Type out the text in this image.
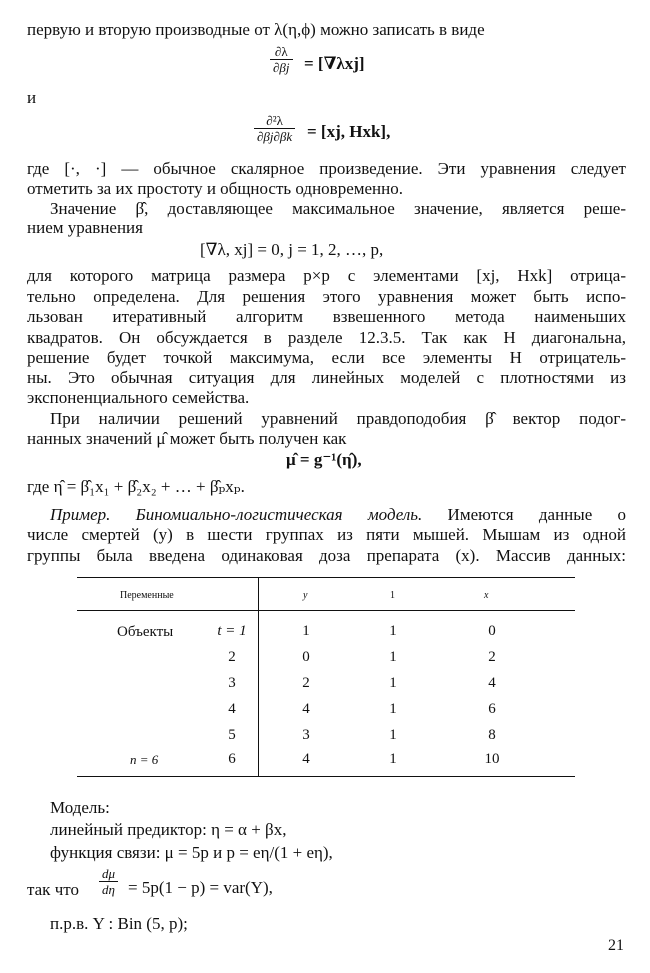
первую и вторую производные от λ(η,ϕ) можно записать в виде
$\frac{\partial\lambda}{\partial\beta j} = [\nabla\lambda xj]$
и
$\frac{\text{∂²λ}}{\partial\beta j\partial\beta k} = [xj$, Hxk],
где [·, ·] — обычное скалярное произведение. Эти уравнения следует
отметить за их простоту и общность одновременно.
Значение β̂, доставляющее максимальное значение, является реше-
нием уравнения
[∇λ, xj] = 0, j = 1, 2, …, p,
для которого матрица размера p×p с элементами [xj, Hxk] отрица-
тельно определена. Для решения этого уравнения может быть испо-
льзован итеративный алгоритм взвешенного метода наименьших
квадратов. Он обсуждается в разделе 12.3.5. Так как H диагональна,
решение будет точкой максимума, если все элементы H отрицатель-
ны. Это обычная ситуация для линейных моделей с плотностями из
экспоненциального семейства.
При наличии решений уравнений правдоподобия β̂ вектор подог-
нанных значений μ̂ может быть получен как
μ̂ = g⁻¹(η̂),
где η̂ = β̂₁x₁ + β̂₂x₂ + … + β̂ₚxₚ.
Пример. Биномиально-логистическая модель. Имеются данные о
числе смертей (y) в шести группах из пяти мышей. Мышам из одной
группы была введена одинаковая доза препарата (x). Массив данных:
Переменные	y	1	x
Объекты
n = 6
t = 1	1	1	0
2	0	1	2
3	2	1	4
4	4	1	6
5	3	1	8
6	4	1	10
Модель:
линейный предиктор: η = α + βx,
функция связи: μ = 5p и p = eη/(1 + eη),
так что $\frac{d\mu}{d\eta} = 5p(1 - p) = var(Y)$,
п.р.в. Y : Bin (5, p);
21
